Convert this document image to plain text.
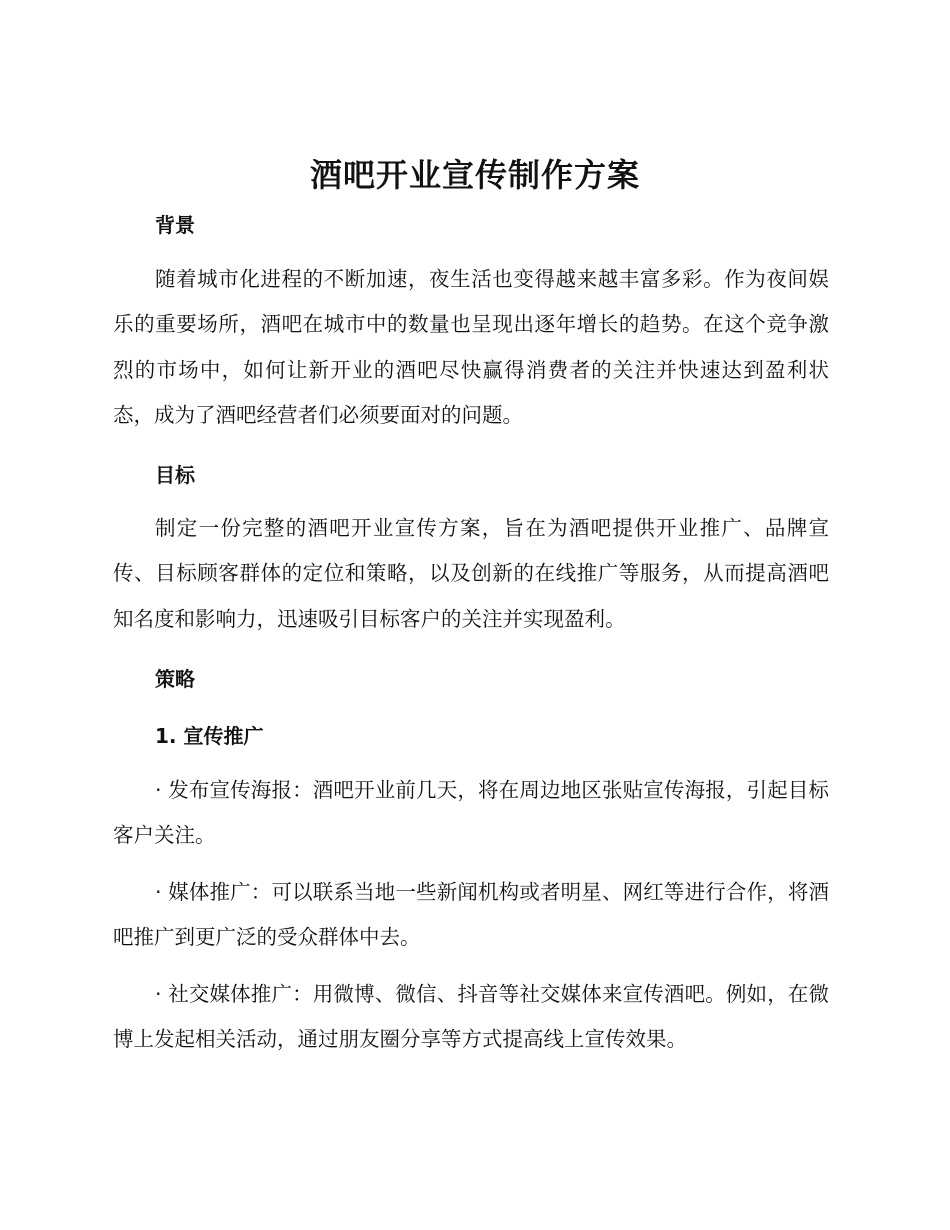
酒吧开业宣传制作方案
背景

随着城市化进程的不断加速，夜生活也变得越来越丰富多彩。作为夜间娱乐的重要场所，酒吧在城市中的数量也呈现出逐年增长的趋势。在这个竞争激烈的市场中，如何让新开业的酒吧尽快赢得消费者的关注并快速达到盈利状态，成为了酒吧经营者们必须要面对的问题。

目标

制定一份完整的酒吧开业宣传方案，旨在为酒吧提供开业推广、品牌宣传、目标顾客群体的定位和策略，以及创新的在线推广等服务，从而提高酒吧知名度和影响力，迅速吸引目标客户的关注并实现盈利。

策略
1. 宣传推广

· 发布宣传海报：酒吧开业前几天，将在周边地区张贴宣传海报，引起目标客户关注。

· 媒体推广：可以联系当地一些新闻机构或者明星、网红等进行合作，将酒吧推广到更广泛的受众群体中去。

· 社交媒体推广：用微博、微信、抖音等社交媒体来宣传酒吧。例如，在微博上发起相关活动，通过朋友圈分享等方式提高线上宣传效果。
